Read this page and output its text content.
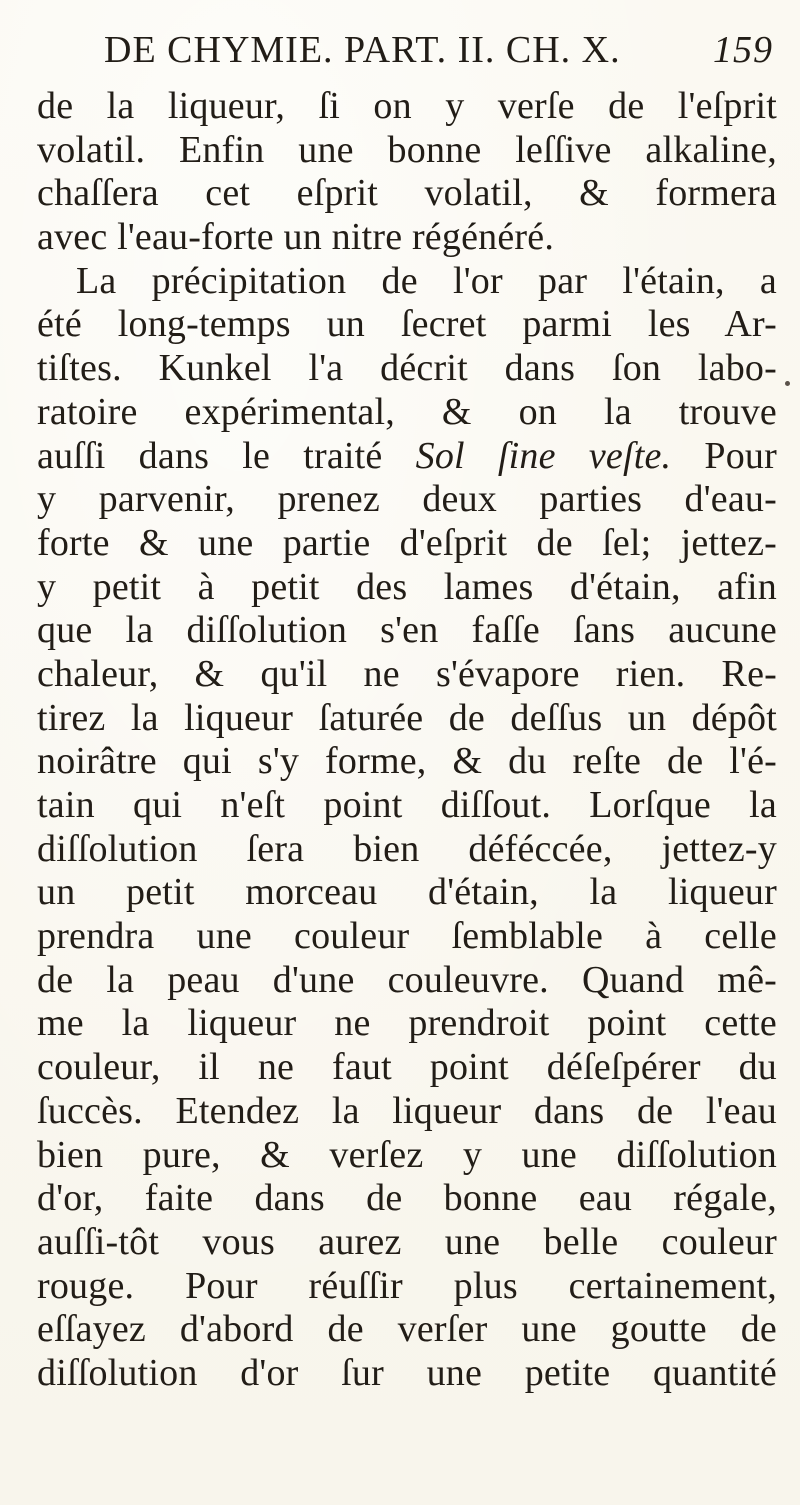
DE CHYMIE. PART. II. CH. X. 159
de la liqueur, ſi on y verſe de l'eſprit
volatil. Enfin une bonne leſſive alkaline,
chaſſera cet eſprit volatil, & formera
avec l'eau-forte un nitre régénéré.
La précipitation de l'or par l'étain, a
été long-temps un ſecret parmi les Ar-
tiſtes. Kunkel l'a décrit dans ſon labo-
ratoire expérimental, & on la trouve
auſſi dans le traité Sol ſine veſte. Pour
y parvenir, prenez deux parties d'eau-
forte & une partie d'eſprit de ſel; jettez-
y petit à petit des lames d'étain, afin
que la diſſolution s'en faſſe ſans aucune
chaleur, & qu'il ne s'évapore rien. Re-
tirez la liqueur ſaturée de deſſus un dépôt
noirâtre qui s'y forme, & du reſte de l'é-
tain qui n'eſt point diſſout. Lorſque la
diſſolution ſera bien déféccée, jettez-y
un petit morceau d'étain, la liqueur
prendra une couleur ſemblable à celle
de la peau d'une couleuvre. Quand mê-
me la liqueur ne prendroit point cette
couleur, il ne faut point déſeſpérer du
ſuccès. Etendez la liqueur dans de l'eau
bien pure, & verſez y une diſſolution
d'or, faite dans de bonne eau régale,
auſſi-tôt vous aurez une belle couleur
rouge. Pour réuſſir plus certainement,
eſſayez d'abord de verſer une goutte de
diſſolution d'or ſur une petite quantité
